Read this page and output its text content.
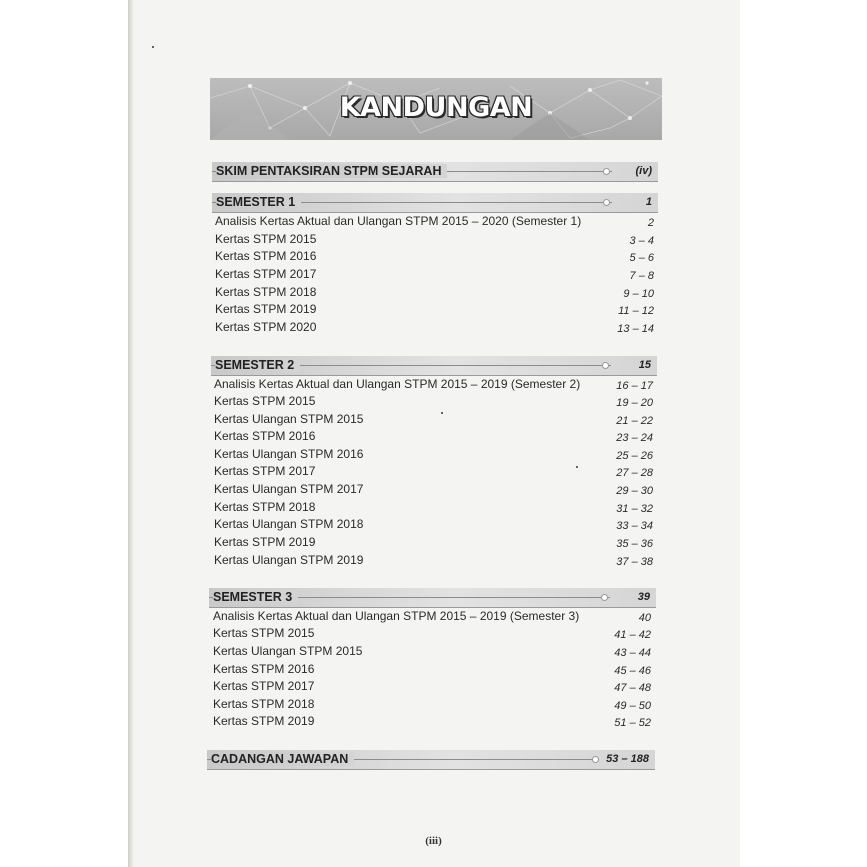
KANDUNGAN
SKIM PENTAKSIRAN STPM SEJARAH	(iv)
SEMESTER 1	1
Analisis Kertas Aktual dan Ulangan STPM 2015 – 2020 (Semester 1)	2
Kertas STPM 2015	3 – 4
Kertas STPM 2016	5 – 6
Kertas STPM 2017	7 – 8
Kertas STPM 2018	9 – 10
Kertas STPM 2019	11 – 12
Kertas STPM 2020	13 – 14
SEMESTER 2	15
Analisis Kertas Aktual dan Ulangan STPM 2015 – 2019 (Semester 2)	16 – 17
Kertas STPM 2015	19 – 20
Kertas Ulangan STPM 2015	21 – 22
Kertas STPM 2016	23 – 24
Kertas Ulangan STPM 2016	25 – 26
Kertas STPM 2017	27 – 28
Kertas Ulangan STPM 2017	29 – 30
Kertas STPM 2018	31 – 32
Kertas Ulangan STPM 2018	33 – 34
Kertas STPM 2019	35 – 36
Kertas Ulangan STPM 2019	37 – 38
SEMESTER 3	39
Analisis Kertas Aktual dan Ulangan STPM 2015 – 2019 (Semester 3)	40
Kertas STPM 2015	41 – 42
Kertas Ulangan STPM 2015	43 – 44
Kertas STPM 2016	45 – 46
Kertas STPM 2017	47 – 48
Kertas STPM 2018	49 – 50
Kertas STPM 2019	51 – 52
CADANGAN JAWAPAN	53 – 188
(iii)
